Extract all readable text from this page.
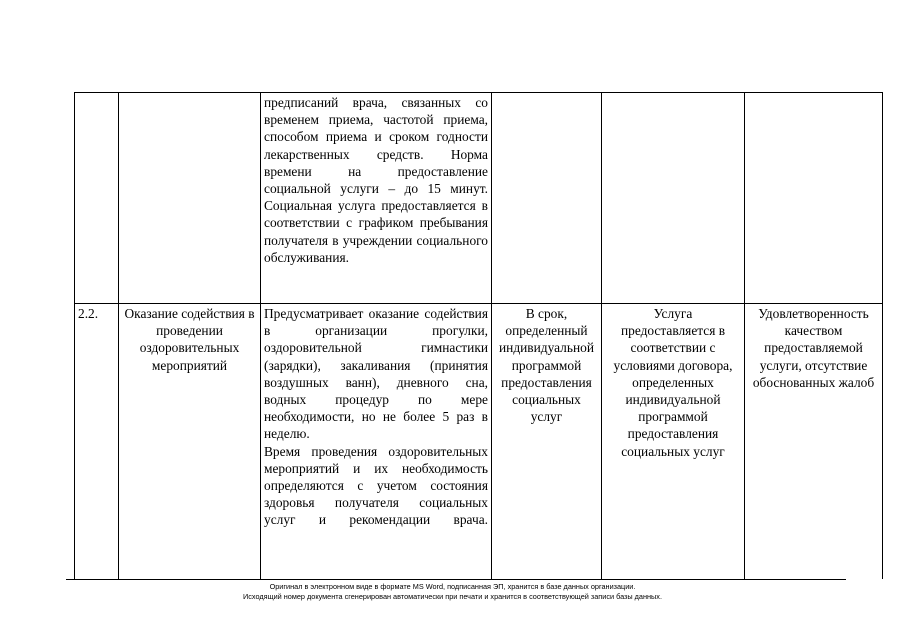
		предписаний врача, связанных со временем приема, частотой приема, способом приема и сроком годности лекарственных средств. Норма времени на предоставление социальной услуги – до 15 минут.
Социальная услуга предоставляется в соответствии с графиком пребывания получателя в учреждении социального обслуживания.			

2.2.	Оказание содействия в проведении оздоровительных мероприятий	Предусматривает оказание содействия в организации прогулки, оздоровительной гимнастики (зарядки), закаливания (принятия воздушных ванн), дневного сна, водных процедур по мере необходимости, но не более 5 раз в неделю.
Время проведения оздоровительных мероприятий и их необходимость определяются с учетом состояния здоровья получателя социальных услуг и рекомендации врача.	В срок, определенный индивидуальной программой предоставления социальных услуг	Услуга предоставляется в соответствии с условиями договора, определенных индивидуальной программой предоставления социальных услуг	Удовлетворенность качеством предоставляемой услуги, отсутствие обоснованных жалоб
Оригинал в электронном виде в формате MS Word, подписанная ЭП, хранится в базе данных организации.
Исходящий номер документа сгенерирован автоматически при печати и хранится в соответствующей записи базы данных.
